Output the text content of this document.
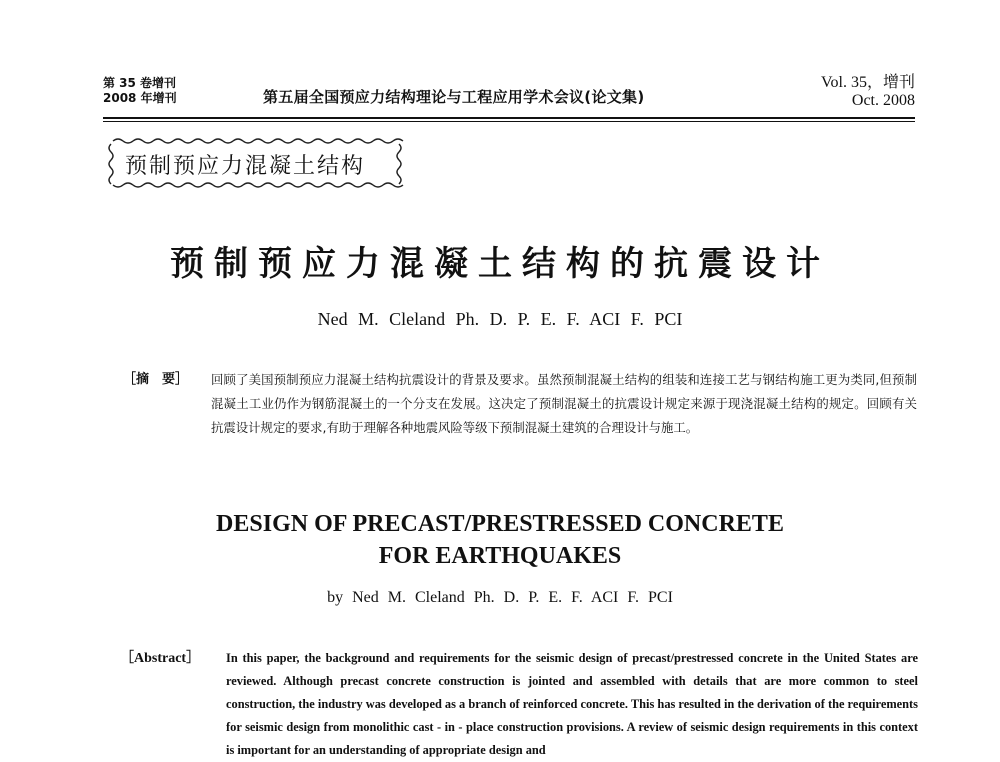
第 35 卷增刊
2008 年增刊	第五届全国预应力结构理论与工程应用学术会议(论文集)
Vol. 35，增刊
Oct. 2008
预制预应力混凝土结构
预制预应力混凝土结构的抗震设计
Ned M. Cleland Ph. D. P. E. F. ACI F. PCI
［摘　要］ 回顾了美国预制预应力混凝土结构抗震设计的背景及要求。虽然预制混凝土结构的组装和连接工艺与钢结构施工更为类同,但预制混凝土工业仍作为钢筋混凝土的一个分支在发展。这决定了预制混凝土的抗震设计规定来源于现浇混凝土结构的规定。回顾有关抗震设计规定的要求,有助于理解各种地震风险等级下预制混凝土建筑的合理设计与施工。
DESIGN OF PRECAST/PRESTRESSED CONCRETE
FOR EARTHQUAKES
by Ned M. Cleland Ph. D. P. E. F. ACI F. PCI
［Abstract］ In this paper, the background and requirements for the seismic design of precast/prestressed concrete in the United States are reviewed. Although precast concrete construction is jointed and assembled with details that are more common to steel construction, the industry was developed as a branch of reinforced concrete. This has resulted in the derivation of the requirements for seismic design from monolithic cast - in - place construction provisions. A review of seismic design requirements in this context is important for an understanding of appropriate design and
